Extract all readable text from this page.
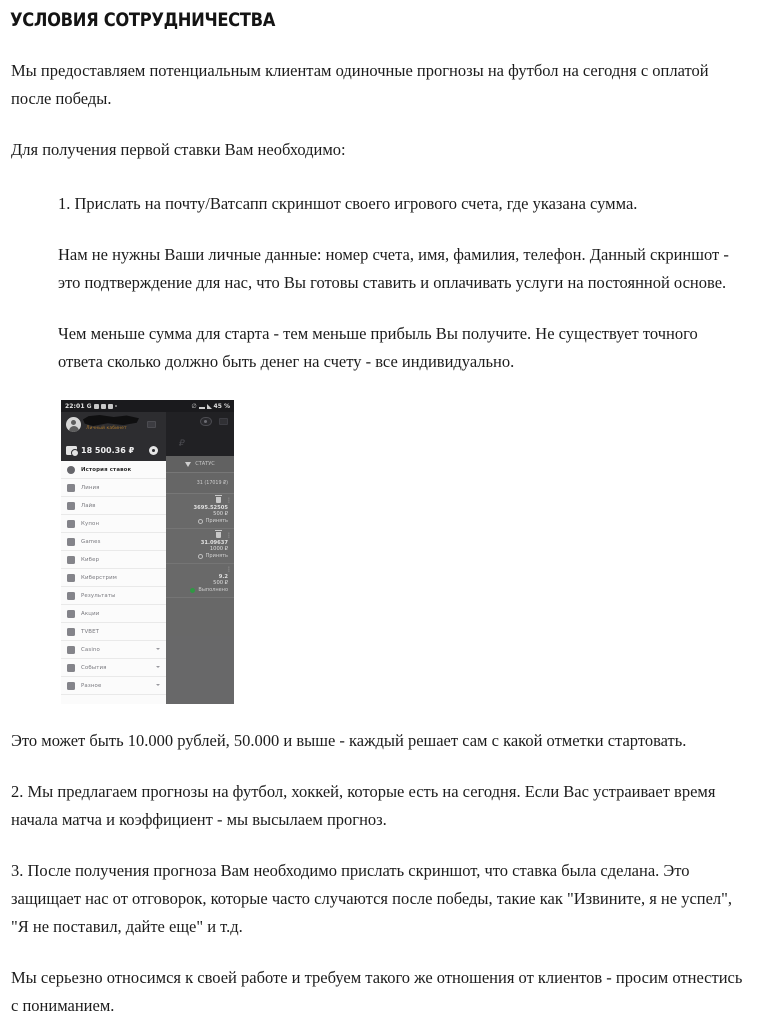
УСЛОВИЯ СОТРУДНИЧЕСТВА

Мы предоставляем потенциальным клиентам одиночные прогнозы на футбол на сегодня с оплатой после победы.

Для получения первой ставки Вам необходимо:

1. Прислать на почту/Ватсапп скриншот своего игрового счета, где указана сумма.

Нам не нужны Ваши личные данные: номер счета, имя, фамилия, телефон. Данный скриншот - это подтверждение для нас, что Вы готовы ставить и оплачивать услуги на постоянной основе.

Чем меньше сумма для старта - тем меньше прибыль Вы получите. Не существует точного ответа сколько должно быть денег на счету - все индивидуально.

22:01 G	∅	45 %
₽
Личный кабинет
18 500.36 ₽
История ставок
Линия
Лайв
Купон
Games
Кибер
Киберстрим
Результаты
Акции
TVBET
Casino
События
Разное
СТАТУС
31 (17019 ₽)
⋮
3695.52505
500 ₽
Принять
⋮
31.09637
1000 ₽
Принять
⋮
9.2
500 ₽
Выполнено

Это может быть 10.000 рублей, 50.000 и выше - каждый решает сам с какой отметки стартовать.

2. Мы предлагаем прогнозы на футбол, хоккей, которые есть на сегодня. Если Вас устраивает время начала матча и коэффициент - мы высылаем прогноз.

3. После получения прогноза Вам необходимо прислать скриншот, что ставка была сделана. Это защищает нас от отговорок, которые часто случаются после победы, такие как "Извините, я не успел", "Я не поставил, дайте еще" и т.д.

Мы серьезно относимся к своей работе и требуем такого же отношения от клиентов - просим отнестись с пониманием.
